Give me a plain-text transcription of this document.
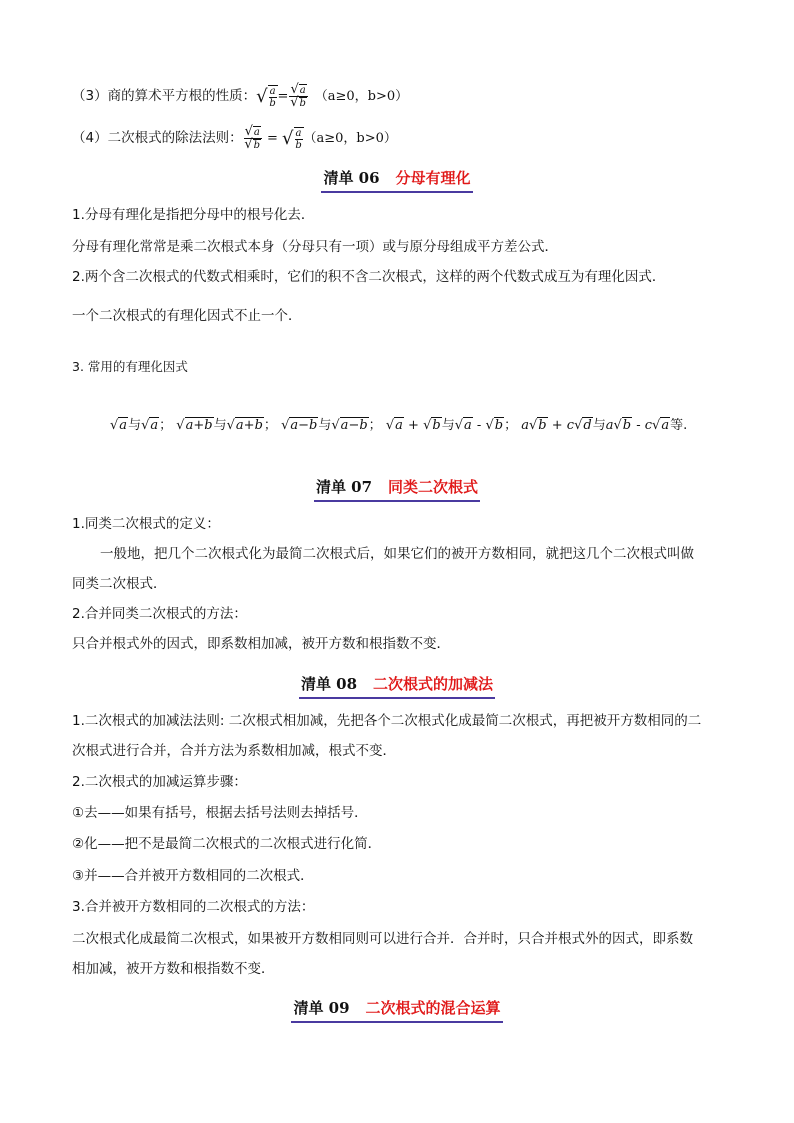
（3）商的算术平方根的性质： √ $\frac{a}{b} = \frac{√a}{√b} (a\ge 0$，b>0）
（4）二次根式的除法法则： $\frac{√a}{√b}$ = √ $\frac{a}{b} (a\ge 0$，b>0）
清单 06 分母有理化
1.分母有理化是指把分母中的根号化去．
分母有理化常常是乘二次根式本身（分母只有一项）或与原分母组成平方差公式．
2.两个含二次根式的代数式相乘时，它们的积不含二次根式，这样的两个代数式成互为有理化因式．
一个二次根式的有理化因式不止一个．
3. 常用的有理化因式
√a与√a； √a+b与√a+b； √a−b与√a−b； √a + √b与√a - √b； a√b + c√d与a√b - c√a等.
清单 07 同类二次根式
1.同类二次根式的定义：
一般地，把几个二次根式化为最简二次根式后，如果它们的被开方数相同，就把这几个二次根式叫做
同类二次根式．
2.合并同类二次根式的方法：
只合并根式外的因式，即系数相加减，被开方数和根指数不变．
清单 08 二次根式的加减法
1.二次根式的加减法法则: 二次根式相加减，先把各个二次根式化成最简二次根式，再把被开方数相同的二
次根式进行合并，合并方法为系数相加减，根式不变．
2.二次根式的加减运算步骤：
①去——如果有括号，根据去括号法则去掉括号．
②化——把不是最简二次根式的二次根式进行化简．
③并——合并被开方数相同的二次根式．
3.合并被开方数相同的二次根式的方法：
二次根式化成最简二次根式，如果被开方数相同则可以进行合并．合并时，只合并根式外的因式，即系数
相加减，被开方数和根指数不变．
清单 09 二次根式的混合运算
